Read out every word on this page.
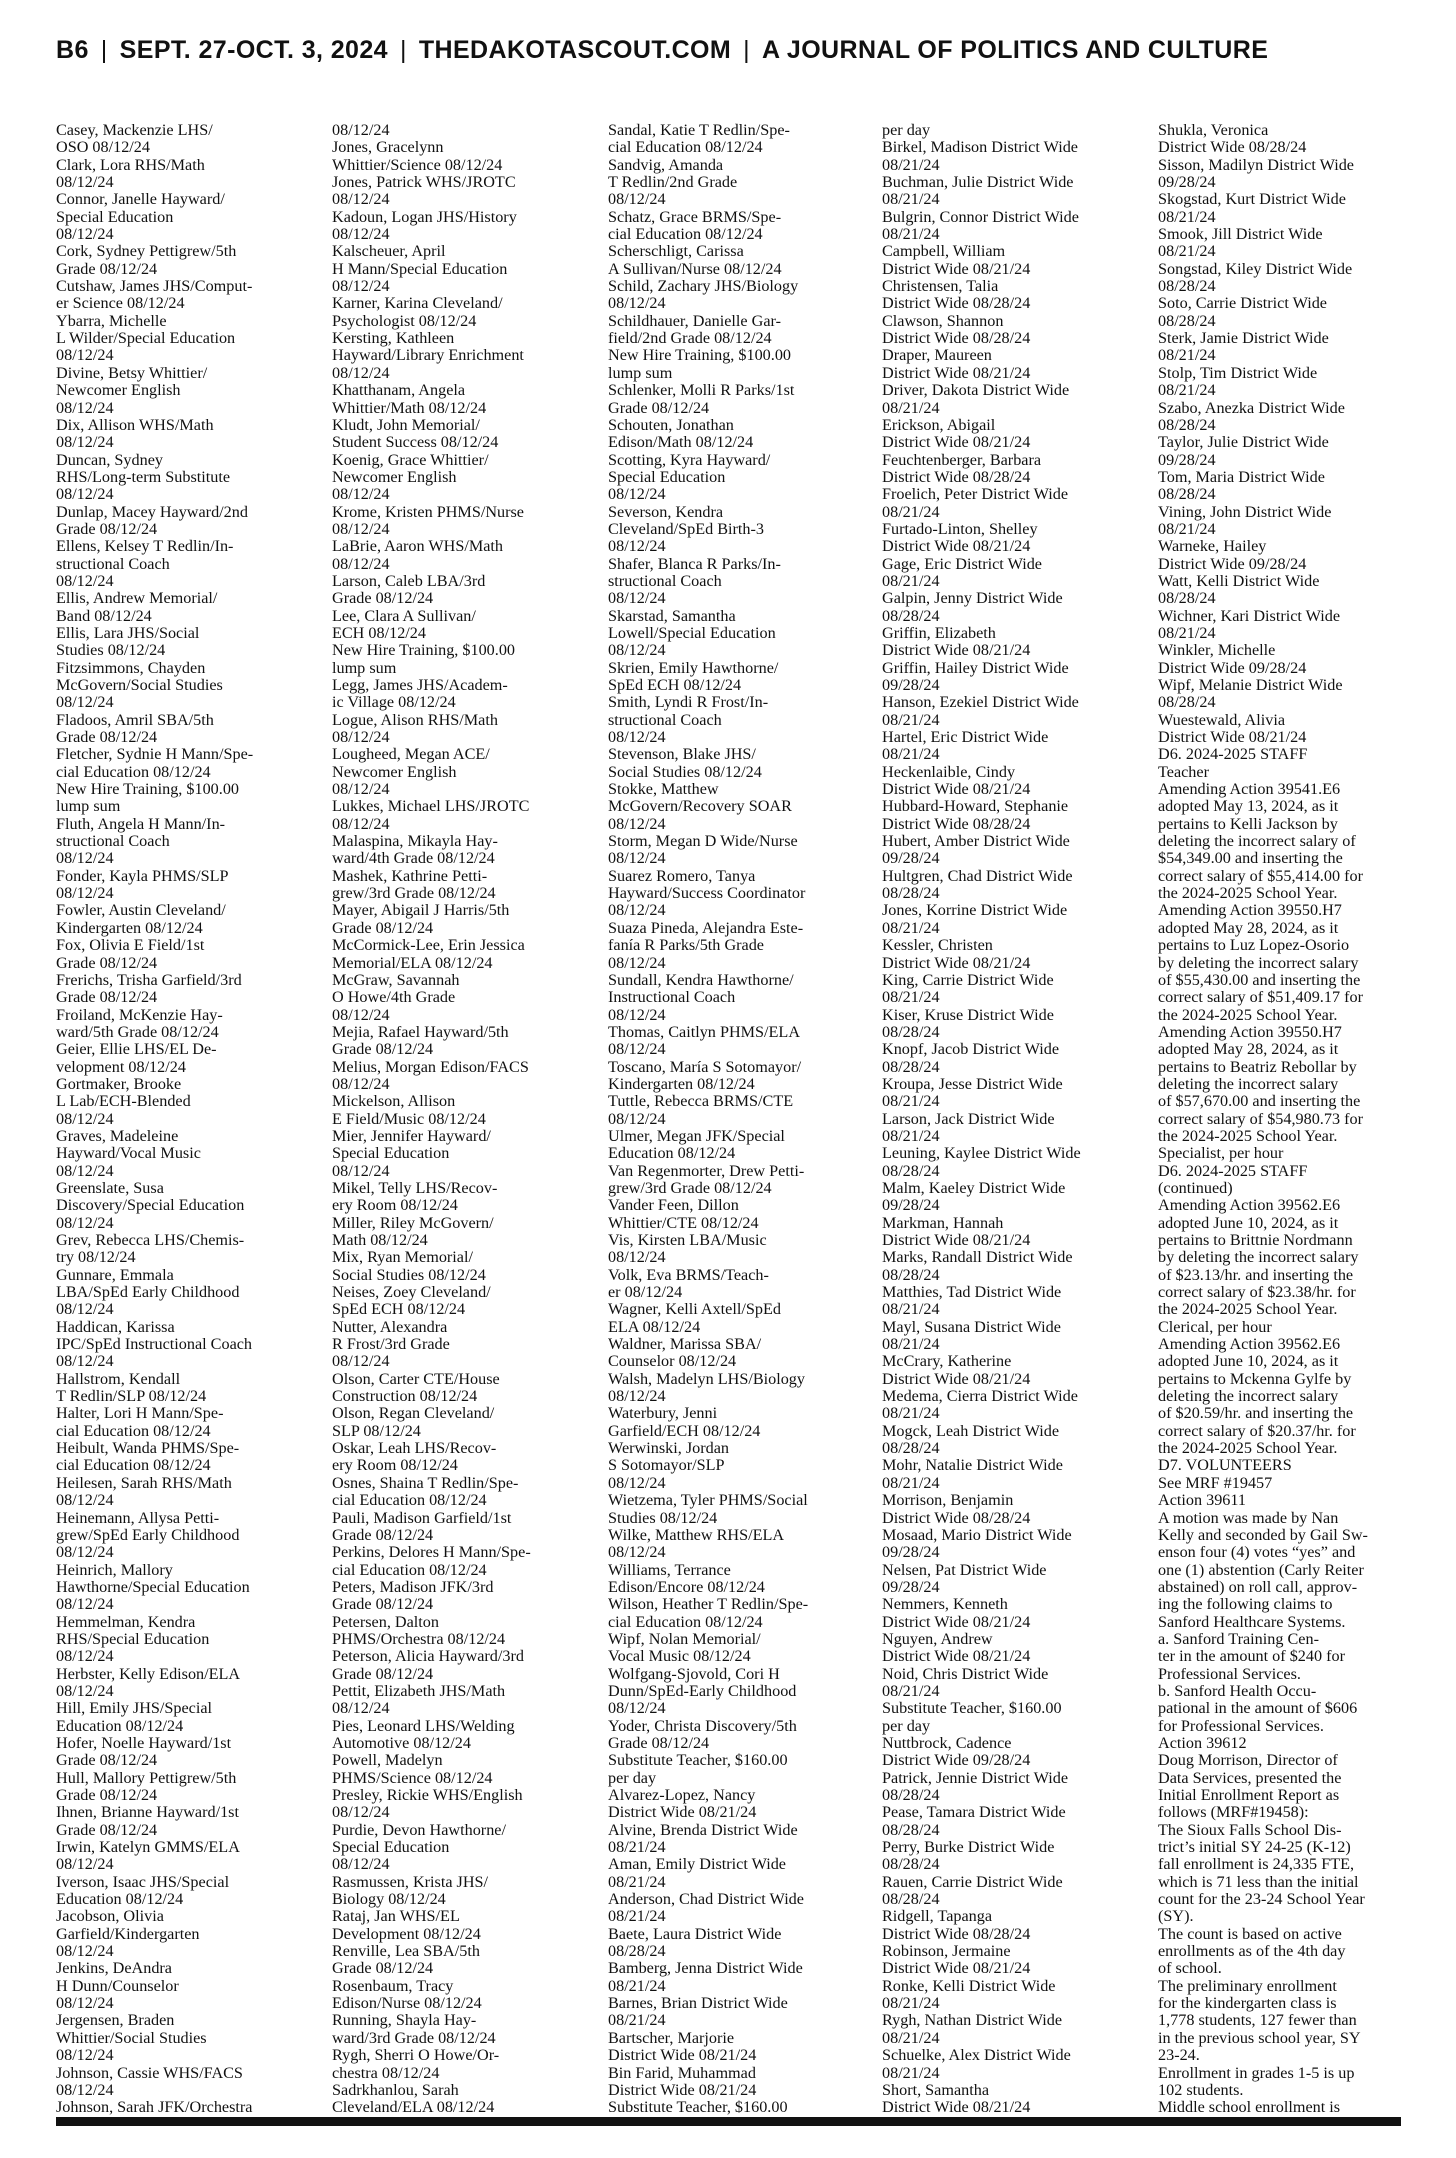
B6 | SEPT. 27-OCT. 3, 2024 | THEDAKOTASCOUT.COM | A JOURNAL OF POLITICS AND CULTURE
Casey, Mackenzie LHS/
OSO 08/12/24
Clark, Lora RHS/Math
08/12/24
Connor, Janelle Hayward/
Special Education
08/12/24
Cork, Sydney Pettigrew/5th
Grade 08/12/24
Cutshaw, James JHS/Comput-
er Science 08/12/24
Ybarra, Michelle
L Wilder/Special Education
08/12/24
Divine, Betsy Whittier/
Newcomer English
08/12/24
Dix, Allison WHS/Math
08/12/24
Duncan, Sydney
RHS/Long-term Substitute
08/12/24
Dunlap, Macey Hayward/2nd
Grade 08/12/24
Ellens, Kelsey T Redlin/In-
structional Coach
08/12/24
Ellis, Andrew Memorial/
Band 08/12/24
Ellis, Lara JHS/Social
Studies 08/12/24
Fitzsimmons, Chayden
McGovern/Social Studies
08/12/24
Fladoos, Amril SBA/5th
Grade 08/12/24
Fletcher, Sydnie H Mann/Spe-
cial Education 08/12/24
New Hire Training, $100.00
lump sum
Fluth, Angela H Mann/In-
structional Coach
08/12/24
Fonder, Kayla PHMS/SLP
08/12/24
Fowler, Austin Cleveland/
Kindergarten 08/12/24
Fox, Olivia E Field/1st
Grade 08/12/24
Frerichs, Trisha Garfield/3rd
Grade 08/12/24
Froiland, McKenzie Hay-
ward/5th Grade 08/12/24
Geier, Ellie LHS/EL De-
velopment 08/12/24
Gortmaker, Brooke
L Lab/ECH-Blended
08/12/24
Graves, Madeleine
Hayward/Vocal Music
08/12/24
Greenslate, Susa
Discovery/Special Education
08/12/24
Grev, Rebecca LHS/Chemis-
try 08/12/24
Gunnare, Emmala
LBA/SpEd Early Childhood
08/12/24
Haddican, Karissa
IPC/SpEd Instructional Coach
08/12/24
Hallstrom, Kendall
T Redlin/SLP 08/12/24
Halter, Lori H Mann/Spe-
cial Education 08/12/24
Heibult, Wanda PHMS/Spe-
cial Education 08/12/24
Heilesen, Sarah RHS/Math
08/12/24
Heinemann, Allysa Petti-
grew/SpEd Early Childhood
08/12/24
Heinrich, Mallory
Hawthorne/Special Education
08/12/24
Hemmelman, Kendra
RHS/Special Education
08/12/24
Herbster, Kelly Edison/ELA
08/12/24
Hill, Emily JHS/Special
Education 08/12/24
Hofer, Noelle Hayward/1st
Grade 08/12/24
Hull, Mallory Pettigrew/5th
Grade 08/12/24
Ihnen, Brianne Hayward/1st
Grade 08/12/24
Irwin, Katelyn GMMS/ELA
08/12/24
Iverson, Isaac JHS/Special
Education 08/12/24
Jacobson, Olivia
Garfield/Kindergarten
08/12/24
Jenkins, DeAndra
H Dunn/Counselor
08/12/24
Jergensen, Braden
Whittier/Social Studies
08/12/24
Johnson, Cassie WHS/FACS
08/12/24
Johnson, Sarah JFK/Orchestra
08/12/24
Jones, Gracelynn
Whittier/Science 08/12/24
Jones, Patrick WHS/JROTC
08/12/24
Kadoun, Logan JHS/History
08/12/24
Kalscheuer, April
H Mann/Special Education
08/12/24
Karner, Karina Cleveland/
Psychologist 08/12/24
Kersting, Kathleen
Hayward/Library Enrichment
08/12/24
Khatthanam, Angela
Whittier/Math 08/12/24
Kludt, John Memorial/
Student Success 08/12/24
Koenig, Grace Whittier/
Newcomer English
08/12/24
Krome, Kristen PHMS/Nurse
08/12/24
LaBrie, Aaron WHS/Math
08/12/24
Larson, Caleb LBA/3rd
Grade 08/12/24
Lee, Clara A Sullivan/
ECH 08/12/24
New Hire Training, $100.00
lump sum
Legg, James JHS/Academ-
ic Village 08/12/24
Logue, Alison RHS/Math
08/12/24
Lougheed, Megan ACE/
Newcomer English
08/12/24
Lukkes, Michael LHS/JROTC
08/12/24
Malaspina, Mikayla Hay-
ward/4th Grade 08/12/24
Mashek, Kathrine Petti-
grew/3rd Grade 08/12/24
Mayer, Abigail J Harris/5th
Grade 08/12/24
McCormick-Lee, Erin Jessica
Memorial/ELA 08/12/24
McGraw, Savannah
O Howe/4th Grade
08/12/24
Mejia, Rafael Hayward/5th
Grade 08/12/24
Melius, Morgan Edison/FACS
08/12/24
Mickelson, Allison
E Field/Music 08/12/24
Mier, Jennifer Hayward/
Special Education
08/12/24
Mikel, Telly LHS/Recov-
ery Room 08/12/24
Miller, Riley McGovern/
Math 08/12/24
Mix, Ryan Memorial/
Social Studies 08/12/24
Neises, Zoey Cleveland/
SpEd ECH 08/12/24
Nutter, Alexandra
R Frost/3rd Grade
08/12/24
Olson, Carter CTE/House
Construction 08/12/24
Olson, Regan Cleveland/
SLP 08/12/24
Oskar, Leah LHS/Recov-
ery Room 08/12/24
Osnes, Shaina T Redlin/Spe-
cial Education 08/12/24
Pauli, Madison Garfield/1st
Grade 08/12/24
Perkins, Delores H Mann/Spe-
cial Education 08/12/24
Peters, Madison JFK/3rd
Grade 08/12/24
Petersen, Dalton
PHMS/Orchestra 08/12/24
Peterson, Alicia Hayward/3rd
Grade 08/12/24
Pettit, Elizabeth JHS/Math
08/12/24
Pies, Leonard LHS/Welding
Automotive 08/12/24
Powell, Madelyn
PHMS/Science 08/12/24
Presley, Rickie WHS/English
08/12/24
Purdie, Devon Hawthorne/
Special Education
08/12/24
Rasmussen, Krista JHS/
Biology 08/12/24
Rataj, Jan WHS/EL
Development 08/12/24
Renville, Lea SBA/5th
Grade 08/12/24
Rosenbaum, Tracy
Edison/Nurse 08/12/24
Running, Shayla Hay-
ward/3rd Grade 08/12/24
Rygh, Sherri O Howe/Or-
chestra 08/12/24
Sadrkhanlou, Sarah
Cleveland/ELA 08/12/24
Sandal, Katie T Redlin/Spe-
cial Education 08/12/24
Sandvig, Amanda
T Redlin/2nd Grade
08/12/24
Schatz, Grace BRMS/Spe-
cial Education 08/12/24
Scherschligt, Carissa
A Sullivan/Nurse 08/12/24
Schild, Zachary JHS/Biology
08/12/24
Schildhauer, Danielle Gar-
field/2nd Grade 08/12/24
New Hire Training, $100.00
lump sum
Schlenker, Molli R Parks/1st
Grade 08/12/24
Schouten, Jonathan
Edison/Math 08/12/24
Scotting, Kyra Hayward/
Special Education
08/12/24
Severson, Kendra
Cleveland/SpEd Birth-3
08/12/24
Shafer, Blanca R Parks/In-
structional Coach
08/12/24
Skarstad, Samantha
Lowell/Special Education
08/12/24
Skrien, Emily Hawthorne/
SpEd ECH 08/12/24
Smith, Lyndi R Frost/In-
structional Coach
08/12/24
Stevenson, Blake JHS/
Social Studies 08/12/24
Stokke, Matthew
McGovern/Recovery SOAR
08/12/24
Storm, Megan D Wide/Nurse
08/12/24
Suarez Romero, Tanya
Hayward/Success Coordinator
08/12/24
Suaza Pineda, Alejandra Este-
fanía R Parks/5th Grade
08/12/24
Sundall, Kendra Hawthorne/
Instructional Coach
08/12/24
Thomas, Caitlyn PHMS/ELA
08/12/24
Toscano, María S Sotomayor/
Kindergarten 08/12/24
Tuttle, Rebecca BRMS/CTE
08/12/24
Ulmer, Megan JFK/Special
Education 08/12/24
Van Regenmorter, Drew Petti-
grew/3rd Grade 08/12/24
Vander Feen, Dillon
Whittier/CTE 08/12/24
Vis, Kirsten LBA/Music
08/12/24
Volk, Eva BRMS/Teach-
er 08/12/24
Wagner, Kelli Axtell/SpEd
ELA 08/12/24
Waldner, Marissa SBA/
Counselor 08/12/24
Walsh, Madelyn LHS/Biology
08/12/24
Waterbury, Jenni
Garfield/ECH 08/12/24
Werwinski, Jordan
S Sotomayor/SLP
08/12/24
Wietzema, Tyler PHMS/Social
Studies 08/12/24
Wilke, Matthew RHS/ELA
08/12/24
Williams, Terrance
Edison/Encore 08/12/24
Wilson, Heather T Redlin/Spe-
cial Education 08/12/24
Wipf, Nolan Memorial/
Vocal Music 08/12/24
Wolfgang-Sjovold, Cori H
Dunn/SpEd-Early Childhood
08/12/24
Yoder, Christa Discovery/5th
Grade 08/12/24
Substitute Teacher, $160.00
per day
Alvarez-Lopez, Nancy
District Wide 08/21/24
Alvine, Brenda District Wide
08/21/24
Aman, Emily District Wide
08/21/24
Anderson, Chad District Wide
08/21/24
Baete, Laura District Wide
08/28/24
Bamberg, Jenna District Wide
08/21/24
Barnes, Brian District Wide
08/21/24
Bartscher, Marjorie
District Wide 08/21/24
Bin Farid, Muhammad
District Wide 08/21/24
Substitute Teacher, $160.00
per day
Birkel, Madison District Wide
08/21/24
Buchman, Julie District Wide
08/21/24
Bulgrin, Connor District Wide
08/21/24
Campbell, William
District Wide 08/21/24
Christensen, Talia
District Wide 08/28/24
Clawson, Shannon
District Wide 08/28/24
Draper, Maureen
District Wide 08/21/24
Driver, Dakota District Wide
08/21/24
Erickson, Abigail
District Wide 08/21/24
Feuchtenberger, Barbara
District Wide 08/28/24
Froelich, Peter District Wide
08/21/24
Furtado-Linton, Shelley
District Wide 08/21/24
Gage, Eric District Wide
08/21/24
Galpin, Jenny District Wide
08/28/24
Griffin, Elizabeth
District Wide 08/21/24
Griffin, Hailey District Wide
09/28/24
Hanson, Ezekiel District Wide
08/21/24
Hartel, Eric District Wide
08/21/24
Heckenlaible, Cindy
District Wide 08/21/24
Hubbard-Howard, Stephanie
District Wide 08/28/24
Hubert, Amber District Wide
09/28/24
Hultgren, Chad District Wide
08/28/24
Jones, Korrine District Wide
08/21/24
Kessler, Christen
District Wide 08/21/24
King, Carrie District Wide
08/21/24
Kiser, Kruse District Wide
08/28/24
Knopf, Jacob District Wide
08/28/24
Kroupa, Jesse District Wide
08/21/24
Larson, Jack District Wide
08/21/24
Leuning, Kaylee District Wide
08/28/24
Malm, Kaeley District Wide
09/28/24
Markman, Hannah
District Wide 08/21/24
Marks, Randall District Wide
08/28/24
Matthies, Tad District Wide
08/21/24
Mayl, Susana District Wide
08/21/24
McCrary, Katherine
District Wide 08/21/24
Medema, Cierra District Wide
08/21/24
Mogck, Leah District Wide
08/28/24
Mohr, Natalie District Wide
08/21/24
Morrison, Benjamin
District Wide 08/28/24
Mosaad, Mario District Wide
09/28/24
Nelsen, Pat District Wide
09/28/24
Nemmers, Kenneth
District Wide 08/21/24
Nguyen, Andrew
District Wide 08/21/24
Noid, Chris District Wide
08/21/24
Substitute Teacher, $160.00
per day
Nuttbrock, Cadence
District Wide 09/28/24
Patrick, Jennie District Wide
08/28/24
Pease, Tamara District Wide
08/28/24
Perry, Burke District Wide
08/28/24
Rauen, Carrie District Wide
08/28/24
Ridgell, Tapanga
District Wide 08/28/24
Robinson, Jermaine
District Wide 08/21/24
Ronke, Kelli District Wide
08/21/24
Rygh, Nathan District Wide
08/21/24
Schuelke, Alex District Wide
08/21/24
Short, Samantha
District Wide 08/21/24
Shukla, Veronica
District Wide 08/28/24
Sisson, Madilyn District Wide
09/28/24
Skogstad, Kurt District Wide
08/21/24
Smook, Jill District Wide
08/21/24
Songstad, Kiley District Wide
08/28/24
Soto, Carrie District Wide
08/28/24
Sterk, Jamie District Wide
08/21/24
Stolp, Tim District Wide
08/21/24
Szabo, Anezka District Wide
08/28/24
Taylor, Julie District Wide
09/28/24
Tom, Maria District Wide
08/28/24
Vining, John District Wide
08/21/24
Warneke, Hailey
District Wide 09/28/24
Watt, Kelli District Wide
08/28/24
Wichner, Kari District Wide
08/21/24
Winkler, Michelle
District Wide 09/28/24
Wipf, Melanie District Wide
08/28/24
Wuestewald, Alivia
District Wide 08/21/24
D6. 2024-2025 STAFF
Teacher
Amending Action 39541.E6
adopted May 13, 2024, as it
pertains to Kelli Jackson by
deleting the incorrect salary of
$54,349.00 and inserting the
correct salary of $55,414.00 for
the 2024-2025 School Year.
Amending Action 39550.H7
adopted May 28, 2024, as it
pertains to Luz Lopez-Osorio
by deleting the incorrect salary
of $55,430.00 and inserting the
correct salary of $51,409.17 for
the 2024-2025 School Year.
Amending Action 39550.H7
adopted May 28, 2024, as it
pertains to Beatriz Rebollar by
deleting the incorrect salary
of $57,670.00 and inserting the
correct salary of $54,980.73 for
the 2024-2025 School Year.
Specialist, per hour
D6. 2024-2025 STAFF
(continued)
Amending Action 39562.E6
adopted June 10, 2024, as it
pertains to Brittnie Nordmann
by deleting the incorrect salary
of $23.13/hr. and inserting the
correct salary of $23.38/hr. for
the 2024-2025 School Year.
Clerical, per hour
Amending Action 39562.E6
adopted June 10, 2024, as it
pertains to Mckenna Gylfe by
deleting the incorrect salary
of $20.59/hr. and inserting the
correct salary of $20.37/hr. for
the 2024-2025 School Year.
D7. VOLUNTEERS
See MRF #19457
Action 39611
A motion was made by Nan
Kelly and seconded by Gail Sw-
enson four (4) votes “yes” and
one (1) abstention (Carly Reiter
abstained) on roll call, approv-
ing the following claims to
Sanford Healthcare Systems.
a. Sanford Training Cen-
ter in the amount of $240 for
Professional Services.
b. Sanford Health Occu-
pational in the amount of $606
for Professional Services.
Action 39612
Doug Morrison, Director of
Data Services, presented the
Initial Enrollment Report as
follows (MRF#19458):
The Sioux Falls School Dis-
trict’s initial SY 24-25 (K-12)
fall enrollment is 24,335 FTE,
which is 71 less than the initial
count for the 23-24 School Year
(SY).
The count is based on active
enrollments as of the 4th day
of school.
The preliminary enrollment
for the kindergarten class is
1,778 students, 127 fewer than
in the previous school year, SY
23-24.
Enrollment in grades 1-5 is up
102 students.
Middle school enrollment is
